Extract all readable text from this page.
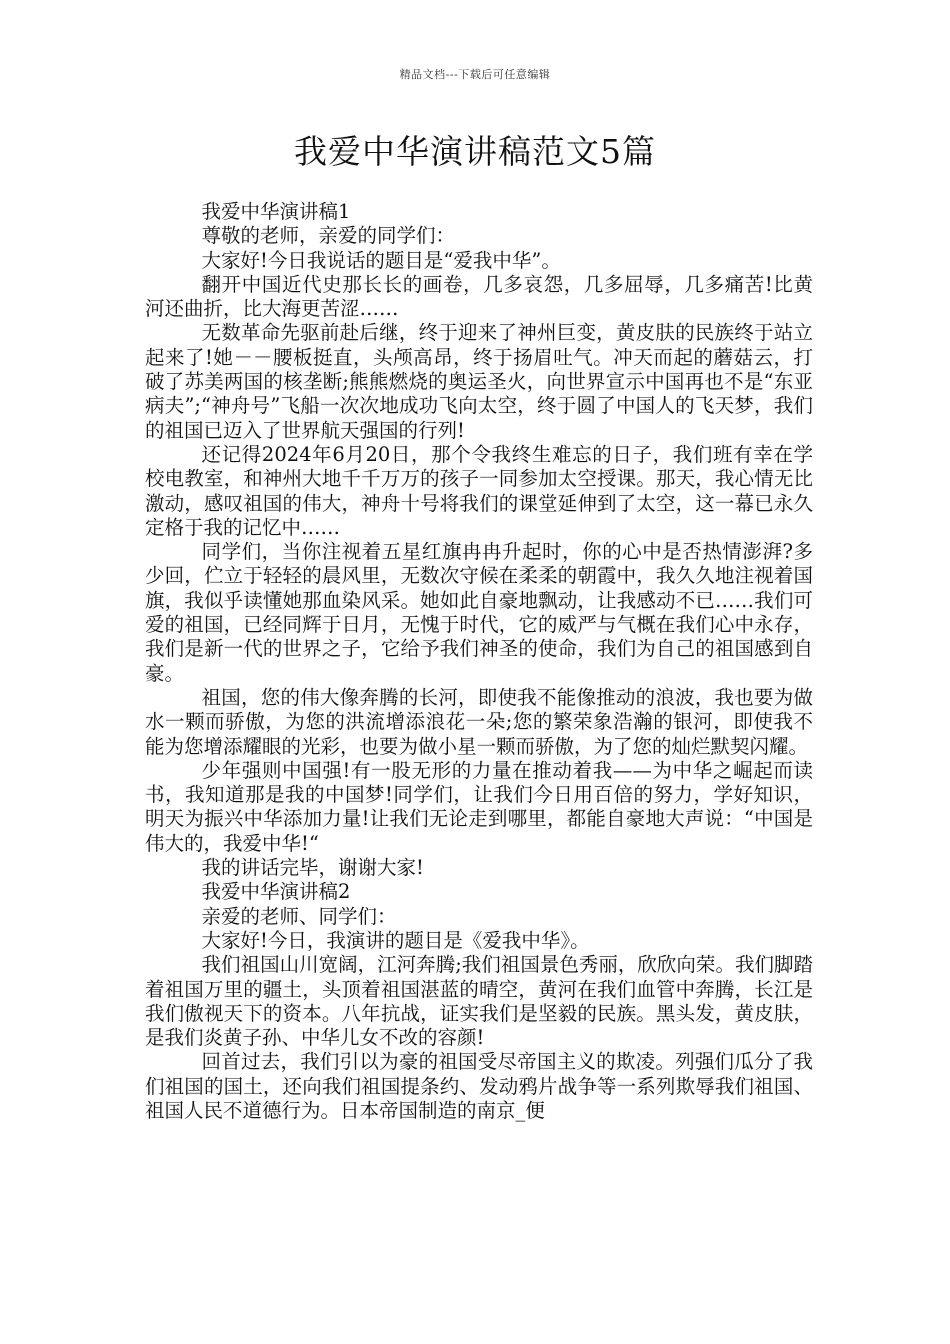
精品文档---下载后可任意编辑
我爱中华演讲稿范文5篇

我爱中华演讲稿1

尊敬的老师，亲爱的同学们：

大家好!今日我说话的题目是“爱我中华”。

翻开中国近代史那长长的画卷，几多哀怨，几多屈辱，几多痛苦!比黄河还曲折，比大海更苦涩……

无数革命先驱前赴后继，终于迎来了神州巨变，黄皮肤的民族终于站立起来了!她－－腰板挺直，头颅高昂，终于扬眉吐气。冲天而起的蘑菇云，打破了苏美两国的核垄断;熊熊燃烧的奥运圣火，向世界宣示中国再也不是“东亚病夫”;“神舟号”飞船一次次地成功飞向太空，终于圆了中国人的飞天梦，我们的祖国已迈入了世界航天强国的行列!

还记得2024年6月20日，那个令我终生难忘的日子，我们班有幸在学校电教室，和神州大地千千万万的孩子一同参加太空授课。那天，我心情无比激动，感叹祖国的伟大，神舟十号将我们的课堂延伸到了太空，这一幕已永久定格于我的记忆中……

同学们，当你注视着五星红旗冉冉升起时，你的心中是否热情澎湃?多少回，伫立于轻轻的晨风里，无数次守候在柔柔的朝霞中，我久久地注视着国旗，我似乎读懂她那血染风采。她如此自豪地飘动，让我感动不已……我们可爱的祖国，已经同辉于日月，无愧于时代，它的威严与气概在我们心中永存，我们是新一代的世界之子，它给予我们神圣的使命，我们为自己的祖国感到自豪。

祖国，您的伟大像奔腾的长河，即使我不能像推动的浪波，我也要为做水一颗而骄傲，为您的洪流增添浪花一朵;您的繁荣象浩瀚的银河，即使我不能为您增添耀眼的光彩，也要为做小星一颗而骄傲，为了您的灿烂默契闪耀。

少年强则中国强!有一股无形的力量在推动着我——为中华之崛起而读书，我知道那是我的中国梦!同学们，让我们今日用百倍的努力，学好知识，明天为振兴中华添加力量!让我们无论走到哪里，都能自豪地大声说：“中国是伟大的，我爱中华!“

我的讲话完毕，谢谢大家!

我爱中华演讲稿2

亲爱的老师、同学们：

大家好!今日，我演讲的题目是《爱我中华》。

我们祖国山川宽阔，江河奔腾;我们祖国景色秀丽，欣欣向荣。我们脚踏着祖国万里的疆土，头顶着祖国湛蓝的晴空，黄河在我们血管中奔腾，长江是我们傲视天下的资本。八年抗战，证实我们是坚毅的民族。黑头发，黄皮肤，是我们炎黄子孙、中华儿女不改的容颜!

回首过去，我们引以为豪的祖国受尽帝国主义的欺凌。列强们瓜分了我们祖国的国土，还向我们祖国提条约、发动鸦片战争等一系列欺辱我们祖国、祖国人民不道德行为。日本帝国制造的南京_便
